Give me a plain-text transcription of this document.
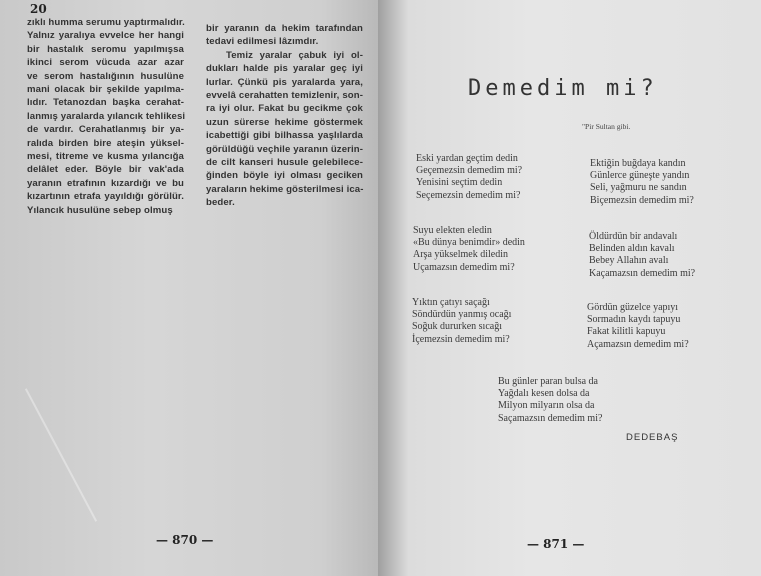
20
zıklı humma serumu yaptırmalıdır.
Yalnız yaralıya evvelce her hangi
bir hastalık seromu yapılmışsa
ikinci serom vücuda azar azar
ve serom hastalığının husulüne
mani olacak bir şekilde yapılma-
lıdır. Tetanozdan başka cerahat-
lanmış yaralarda yılancık tehlikesi
de vardır. Cerahatlanmış bir ya-
ralıda birden bire ateşin yüksel-
mesi, titreme ve kusma yılancığa
delâlet eder. Böyle bir vak'ada
yaranın etrafının kızardığı ve bu
kızartının etrafa yayıldığı görülür.
Yılancık husulüne sebep olmuş
bir yaranın da hekim tarafından
tedavi edilmesi lâzımdır.
Temiz yaralar çabuk iyi ol-
dukları halde pis yaralar geç iyi
lurlar. Çünkü pis yaralarda yara,
evvelâ cerahatten temizlenir, son-
ra iyi olur. Fakat bu gecikme çok
uzun sürerse hekime göstermek
icabettiği gibi bilhassa yaşlılarda
görüldüğü veçhile yaranın üzerin-
de cilt kanseri husule gelebilece-
ğinden böyle iyi olması geciken
yaraların hekime gösterilmesi ica-
beder.
— 870 —
Demedim mi?
"Pir Sultan gibi.
Eski yardan geçtim dedin
Geçemezsin demedim mi?
Yenisini seçtim dedin
Seçemezsin demedim mi?
Suyu elekten eledin
«Bu dünya benimdir» dedin
Arşa yükselmek diledin
Uçamazsın demedim mi?
Yıktın çatıyı saçağı
Söndürdün yanmış ocağı
Soğuk dururken sıcağı
İçemezsin demedim mi?
Ektiğin buğdaya kandın
Günlerce güneşte yandın
Seli, yağmuru ne sandın
Biçemezsin demedim mi?
Öldürdün bir andavalı
Belinden aldın kavalı
Bebey Allahın avalı
Kaçamazsın demedim mi?
Gördün güzelce yapıyı
Sormadın kaydı tapuyu
Fakat kilitli kapuyu
Açamazsın demedim mi?
Bu günler paran bulsa da
Yağdalı kesen dolsa da
Milyon milyarın olsa da
Saçamazsın demedim mi?
DEDEBAŞ
— 871 —
